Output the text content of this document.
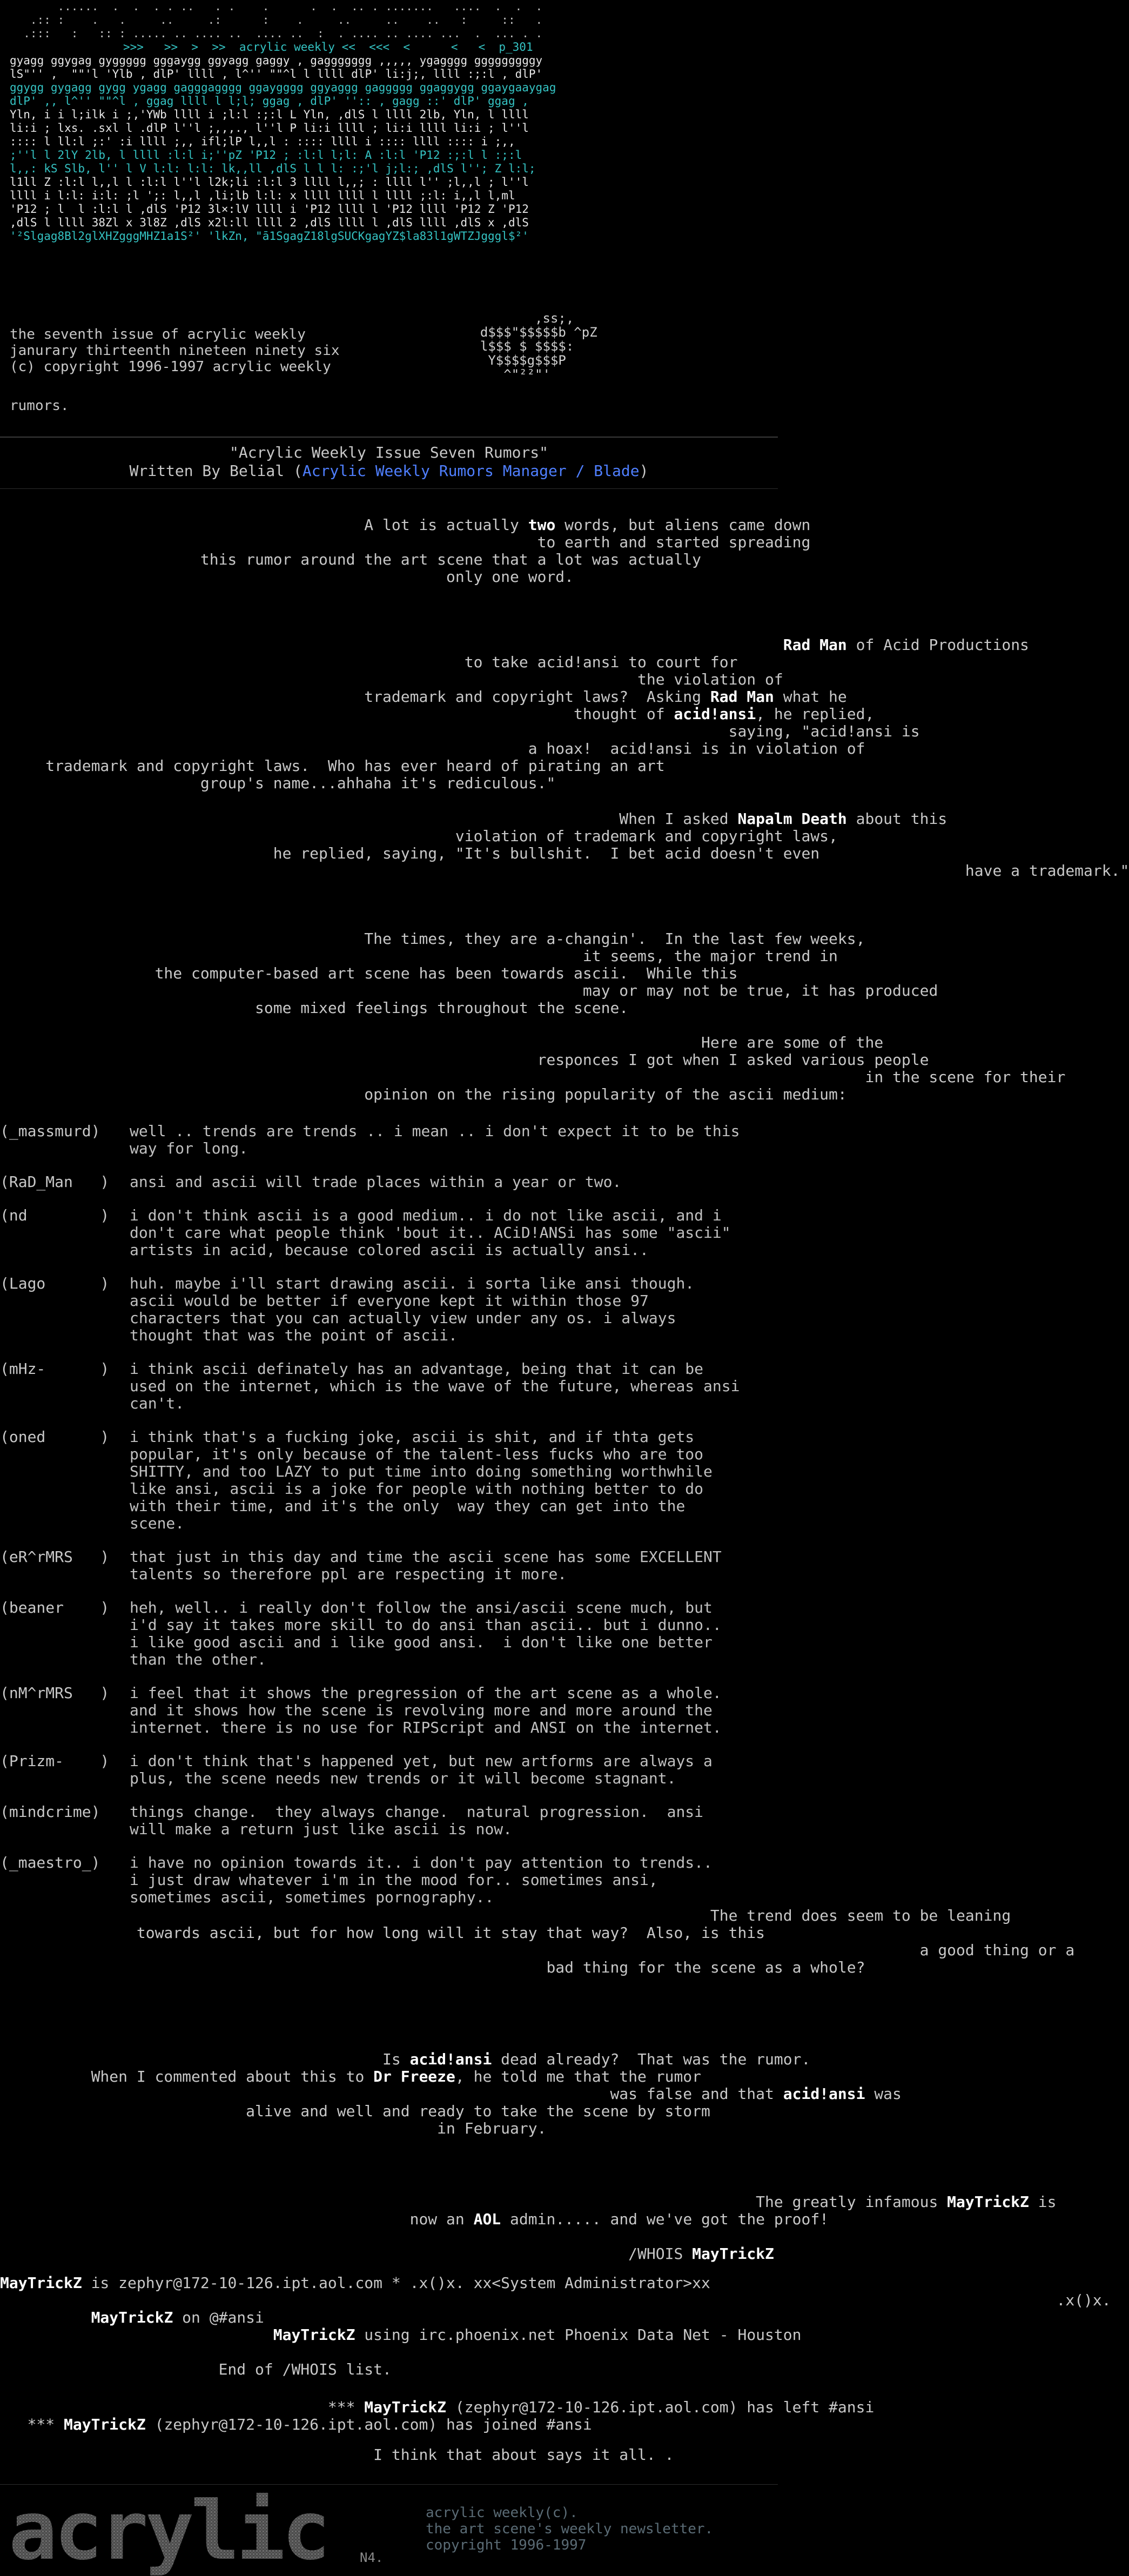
......  .  .  . . ..   . .    .      .  .  .. . .......   ....  .  .  .
.:: :    .   .     ..     .:      :    .     ..     ..    ..   :     ::   .
.:::   :   :: : ..... .. .... ..  .... ..  :  . .... .. .... ...  .  ... . .
>>>   >>  >  >>  acrylic weekly <<  <<<  <      <   <  p_301
gyagg ggygag gyggggg gggaygg ggyagg gaggy , gaggggggg ,,,,, ygagggg gggggggggy
lS"'' ,  ""'l 'Ylb , dlP' llll , l^'' ""^l l llll dlP' li:j;, llll :;:l , dlP'
ggygg gygagg gygg ygagg gagggagggg ggaygggg ggyaggg gaggggg ggaggygg ggaygaaygag
dlP' ,, l^'' ""^l , ggag llll l l;l; ggag , dlP' '':: , gagg ::' dlP' ggag ,
Yln, i i l;ilk i ;,'YWb llll i ;l:l :;:l L Yln, ,dlS l llll 2lb, Yln, l llll
li:i ; lxs. .sxl l .dlP l''l ;,,,., l''l P li:i llll ; li:i llll li:i ; l''l
:::: l ll:l ;:' :i llll ;,, ifl;lP l,,l : :::: llll i :::: llll :::: i ;,,
;''l l 2lY 2lb, l llll :l:l i;''pZ 'P12 ; :l:l l;l: A :l:l 'P12 :;:l l :;:l
l,,: kS Slb, l'' l V l:l: l:l: lk,,ll ,dlS l l l: :;'l j;l:; ,dlS l''; Z l:l;
l1ll Z :l:l l,,l l :l:l l''l l2k;li :l:l 3 llll l,,; : llll l'' ;l,,l ; l''l
llll i l:l: i:l: ;l ';: l,,l ,li;lb l:l: x llll llll l llll ;:l: i,,l l,ml
'P12 ; l  l :l:l l ,dlS 'P12 3l×:lV llll i 'P12 llll l 'P12 llll 'P12 Z 'P12
,dlS l llll 38Zl x 3l8Z ,dlS x2l:ll llll 2 ,dlS llll l ,dlS llll ,dlS x ,dlS
'²Slgag8Bl2glXHZgggMHZ1a1S²' 'lkZn, "ā1SgagZ18lgSUCKgagYZ$la83l1gWTZJgggl$²'
the seventh issue of acrylic weekly
janurary thirteenth nineteen ninety six
(c) copyright 1996-1997 acrylic weekly
,ss;,
d$$$"$$$$$b ^pZ
l$$$ $ $$$$:
Y$$$$g$$$P
^"²²"'
rumors.
"Acrylic Weekly Issue Seven Rumors"
Written By Belial (Acrylic Weekly Rumors Manager / Blade)
A lot is actually two words, but aliens came down
to earth and started spreading
this rumor around the art scene that a lot was actually
only one word.
Rad Man of Acid Productions
to take acid!ansi to court for
the violation of
trademark and copyright laws?  Asking Rad Man what he
thought of acid!ansi, he replied,
saying, "acid!ansi is
a hoax!  acid!ansi is in violation of
trademark and copyright laws.  Who has ever heard of pirating an art
group's name...ahhaha it's rediculous."
When I asked Napalm Death about this
violation of trademark and copyright laws,
he replied, saying, "It's bullshit.  I bet acid doesn't even
have a trademark."
The times, they are a-changin'.  In the last few weeks,
it seems, the major trend in
the computer-based art scene has been towards ascii.  While this
may or may not be true, it has produced
some mixed feelings throughout the scene.

Here are some of the
responces I got when I asked various people
in the scene for their
opinion on the rising popularity of the ascii medium:
(_massmurd) well .. trends are trends .. i mean .. i don't expect it to be this
way for long.
(RaD_Man   ) ansi and ascii will trade places within a year or two.
(nd        ) i don't think ascii is a good medium.. i do not like ascii, and i
don't care what people think 'bout it.. ACiD!ANSi has some "ascii"
artists in acid, because colored ascii is actually ansi..
(Lago      ) huh. maybe i'll start drawing ascii. i sorta like ansi though.
ascii would be better if everyone kept it within those 97
characters that you can actually view under any os. i always
thought that was the point of ascii.
(mHz-      ) i think ascii definately has an advantage, being that it can be
used on the internet, which is the wave of the future, whereas ansi
can't.
(oned      ) i think that's a fucking joke, ascii is shit, and if thta gets
popular, it's only because of the talent-less fucks who are too
SHITTY, and too LAZY to put time into doing something worthwhile
like ansi, ascii is a joke for people with nothing better to do
with their time, and it's the only  way they can get into the
scene.
(eR^rMRS   ) that just in this day and time the ascii scene has some EXCELLENT
talents so therefore ppl are respecting it more.
(beaner    ) heh, well.. i really don't follow the ansi/ascii scene much, but
i'd say it takes more skill to do ansi than ascii.. but i dunno..
i like good ascii and i like good ansi.  i don't like one better
than the other.
(nM^rMRS   ) i feel that it shows the pregression of the art scene as a whole.
and it shows how the scene is revolving more and more around the
internet. there is no use for RIPScript and ANSI on the internet.
(Prizm-    ) i don't think that's happened yet, but new artforms are always a
plus, the scene needs new trends or it will become stagnant.
(mindcrime) things change.  they always change.  natural progression.  ansi
will make a return just like ascii is now.
(_maestro_) i have no opinion towards it.. i don't pay attention to trends..
i just draw whatever i'm in the mood for.. sometimes ansi,
sometimes ascii, sometimes pornography..
The trend does seem to be leaning
towards ascii, but for how long will it stay that way?  Also, is this
a good thing or a
bad thing for the scene as a whole?
Is acid!ansi dead already?  That was the rumor.
When I commented about this to Dr Freeze, he told me that the rumor
was false and that acid!ansi was
alive and well and ready to take the scene by storm
in February.
The greatly infamous MayTrickZ is
now an AOL admin..... and we've got the proof!
/WHOIS MayTrickZ
MayTrickZ is zephyr@172-10-126.ipt.aol.com * .x()x. xx<System Administrator>xx
.x()x.
MayTrickZ on @#ansi
MayTrickZ using irc.phoenix.net Phoenix Data Net - Houston
End of /WHOIS list.
*** MayTrickZ (zephyr@172-10-126.ipt.aol.com) has left #ansi
*** MayTrickZ (zephyr@172-10-126.ipt.aol.com) has joined #ansi
I think that about says it all. .
acrylic N4.
acrylic weekly(c).
the art scene's weekly newsletter.
copyright 1996-1997
